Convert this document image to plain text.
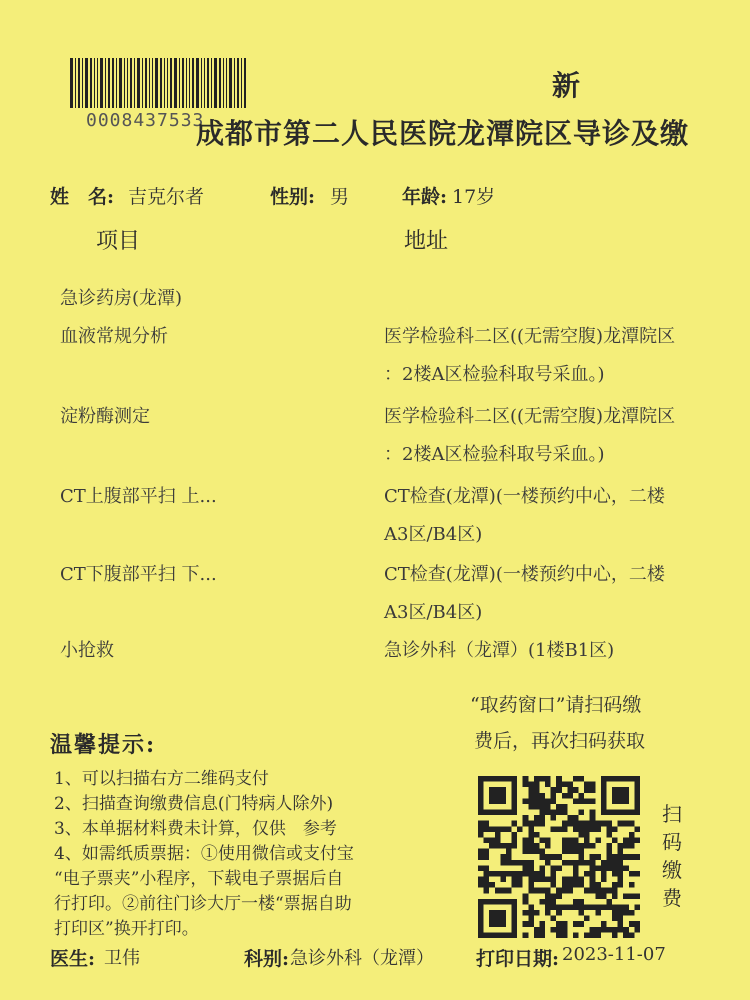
0008437533
新
成都市第二人民医院龙潭院区导诊及缴
姓　名: 吉克尔者	性别: 男	年龄: 17岁
项目	地址
急诊药房(龙潭)
血液常规分析	医学检验科二区((无需空腹)龙潭院区
：2楼A区检验科取号采血。)
淀粉酶测定	医学检验科二区((无需空腹)龙潭院区
：2楼A区检验科取号采血。)
CT上腹部平扫 上...	CT检查(龙潭)(一楼预约中心，二楼
A3区/B4区)
CT下腹部平扫 下...	CT检查(龙潭)(一楼预约中心，二楼
A3区/B4区)
小抢救	急诊外科（龙潭）(1楼B1区)
“取药窗口”请扫码缴
费后，再次扫码获取
温馨提示:
1、可以扫描右方二维码支付
2、扫描查询缴费信息(门特病人除外)
3、本单据材料费未计算，仅供　参考
4、如需纸质票据：①使用微信或支付宝
“电子票夹”小程序，下载电子票据后自
行打印。②前往门诊大厅一楼“票据自助
打印区”换开打印。
扫码缴费
医生: 卫伟	科别: 急诊外科（龙潭） 打印日期: 2023-11-07
